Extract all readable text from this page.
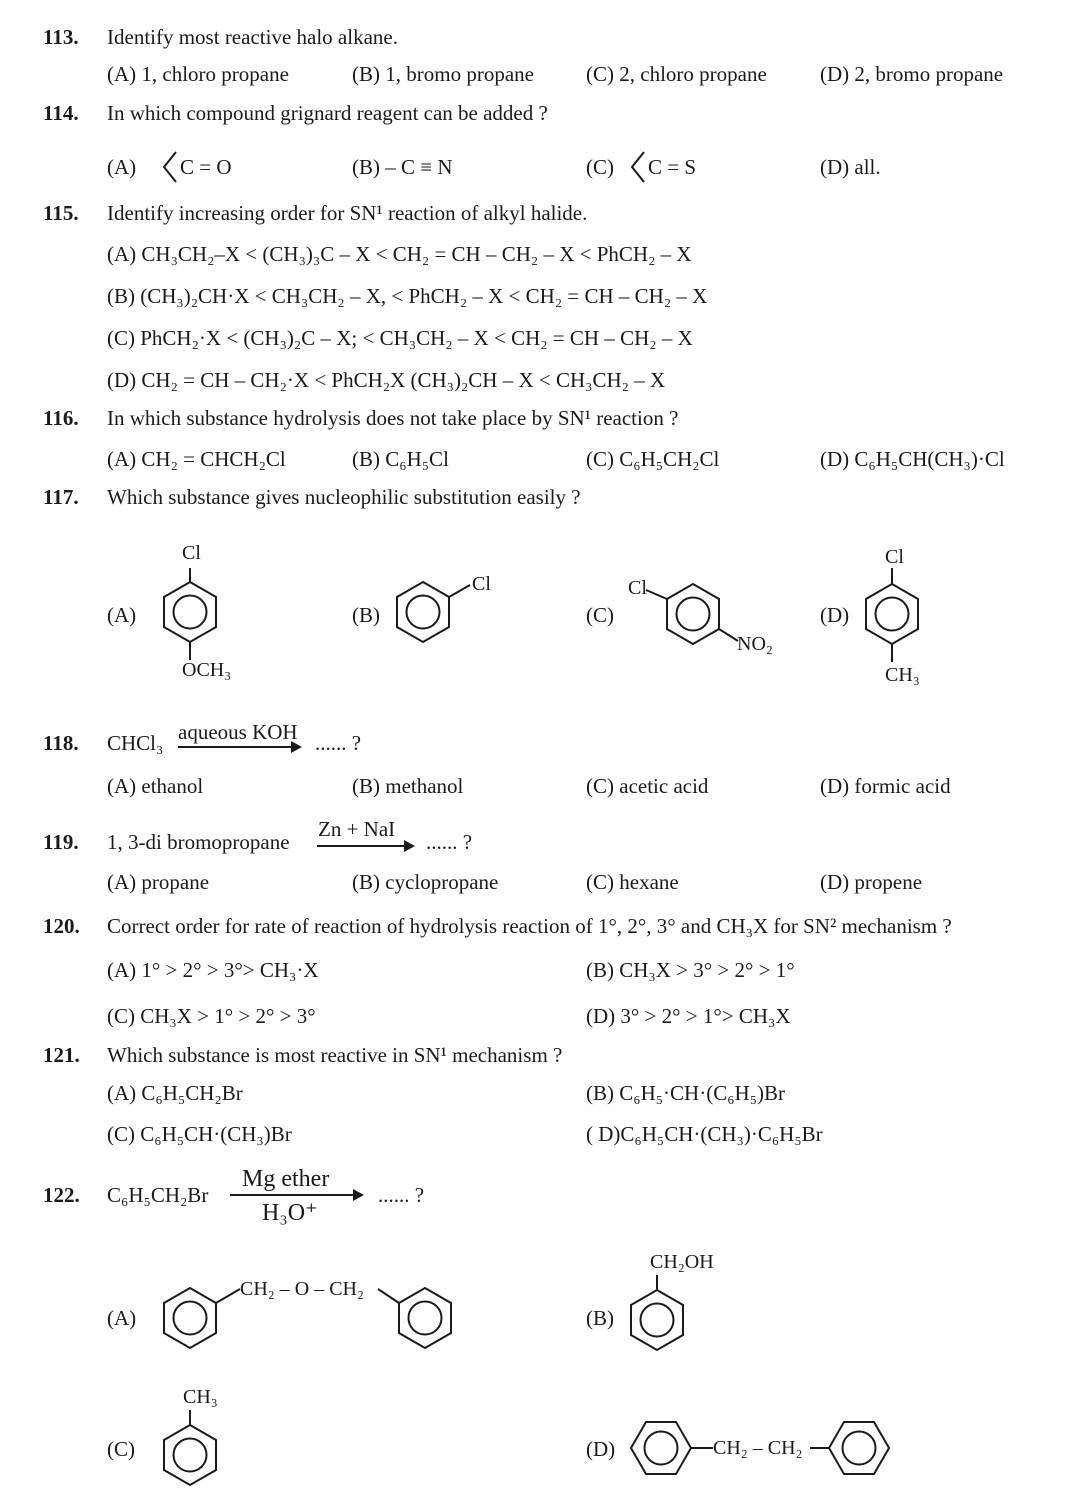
113. Identify most reactive halo alkane.
(A) 1, chloro propane	(B) 1, bromo propane (C) 2, chloro propane	(D) 2, bromo propane
114. In which compound grignard reagent can be added ?
(A) C = O	(B) – C ≡ N	(C) C = S	(D) all.
115. Identify increasing order for SN¹ reaction of alkyl halide.
(A) CH₃CH₂–X < (CH₃)₃C – X < CH₂ = CH – CH₂ – X < PhCH₂ – X
(B) (CH₃)₂CH·X < CH₃CH₂ – X, < PhCH₂ – X < CH₂ = CH – CH₂ – X
(C) PhCH₂·X < (CH₃)₂C – X; < CH₃CH₂ – X < CH₂ = CH – CH₂ – X
(D) CH₂ = CH – CH₂·X < PhCH₂X (CH₃)₂CH – X < CH₃CH₂ – X
116. In which substance hydrolysis does not take place by SN¹ reaction ?
(A) CH₂ = CHCH₂Cl	(B) C₆H₅Cl	(C) C₆H₅CH₂Cl	(D) C₆H₅CH(CH₃)·Cl
117. Which substance gives nucleophilic substitution easily ?
(A)	(B)	(C)	(D)
Cl
OCH₃
Cl	Cl
NO₂
Cl
CH₃
118. CHCl₃ aqueous KOH ...... ?
(A) ethanol	(B) methanol	(C) acetic acid	(D) formic acid
119. 1, 3-di bromopropane
Zn + NaI
...... ?
(A) propane	(B) cyclopropane	(C) hexane	(D) propene
120. Correct order for rate of reaction of hydrolysis reaction of 1°, 2°, 3° and CH₃X for SN² mechanism ?
(A) 1° > 2° > 3°> CH₃·X	(B) CH₃X > 3° > 2° > 1°
(C) CH₃X > 1° > 2° > 3°	(D) 3° > 2° > 1°> CH₃X
121. Which substance is most reactive in SN¹ mechanism ?
(A) C₆H₅CH₂Br	(B) C₆H₅·CH·(C₆H₅)Br
(C) C₆H₅CH·(CH₃)Br	( D)C₆H₅CH·(CH₃)·C₆H₅Br
122. C₆H₅CH₂Br
Mg ether
H₃O⁺
...... ?
(A)	(B)
(C)	(D)
CH₂ – O – CH₂
CH₂OH
CH₃
CH₂ – CH₂
